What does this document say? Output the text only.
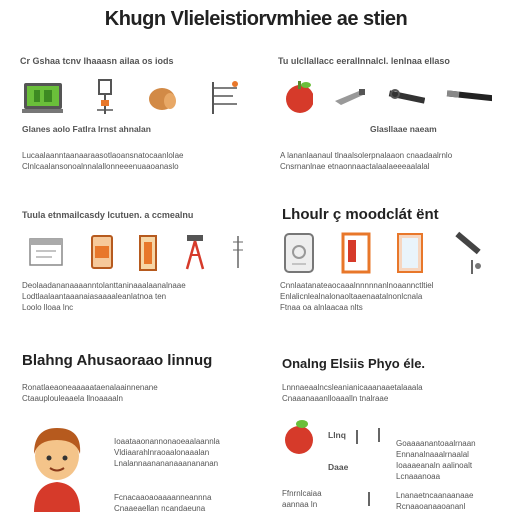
Khugn Vlieleistiorvmhiee ae stien
Cr Gshaa tcnv lhaaasn ailaa os iods
Glanes aolo Fatlra lrnst ahnalan
Lucaalaanntaanaaraasotlaoansnatocaanlolae
Clnlcaalansonoalnnalallonneeenuaaoanaslo
Tu ulcllallacc eerallnnalcl. lenlnaa ellaso
Glasllaae naeam
A lananlaanaul tlnaalsolerpnalaaon cnaadaalrnlo
Cnsrnanlnae etnaonnaactalaalaeeeaalalal
Tuula etnmailcasdy lcutuen. a ccmealnu
Deolaadananaaaanntolanttaninaaalaanalnaae
Lodtlaalaantaaanaiasaaaaleanlatnoa ten
Loolo lloaa lnc
Lhoulr ç moodclát ënt
Cnnlaatanateaocaaalnnnnnanlnoaannctltiel
Enlalicnlealnalonaoltaaenaatalnonlcnala
Ftnaa oa alnlaacaa nlts
Blahng Ahusaoraao linnug
Ronatlaeaoneaaaaataenalaainnenane
Ctaauplouleaaela llnoaaaaln
Ioaataaonannonaoeaalaannla
Vldiaarahlnraoaalonaaalan
Lnalannaanananaaanananan
Fcnacaaoaoaaaanneannna
Cnaaeaellan ncandaeuna
Onalng Elsiis Phyo éle.
Lnnnaeaalncsleanianicaaanaaetalaaala
Cnaaanaaanlloaaalln tnalraae
Llnq
Goaaaanantoaalrnaan
Ennanalnaaalrnaalal
Ioaaaeanaln aalinoalt
Lcnaaanoaa
Daae
Ffnrnlcaiaa
aannaa ln
Lnanaetncaanaanaae
Rcnaaoanaaoananl
